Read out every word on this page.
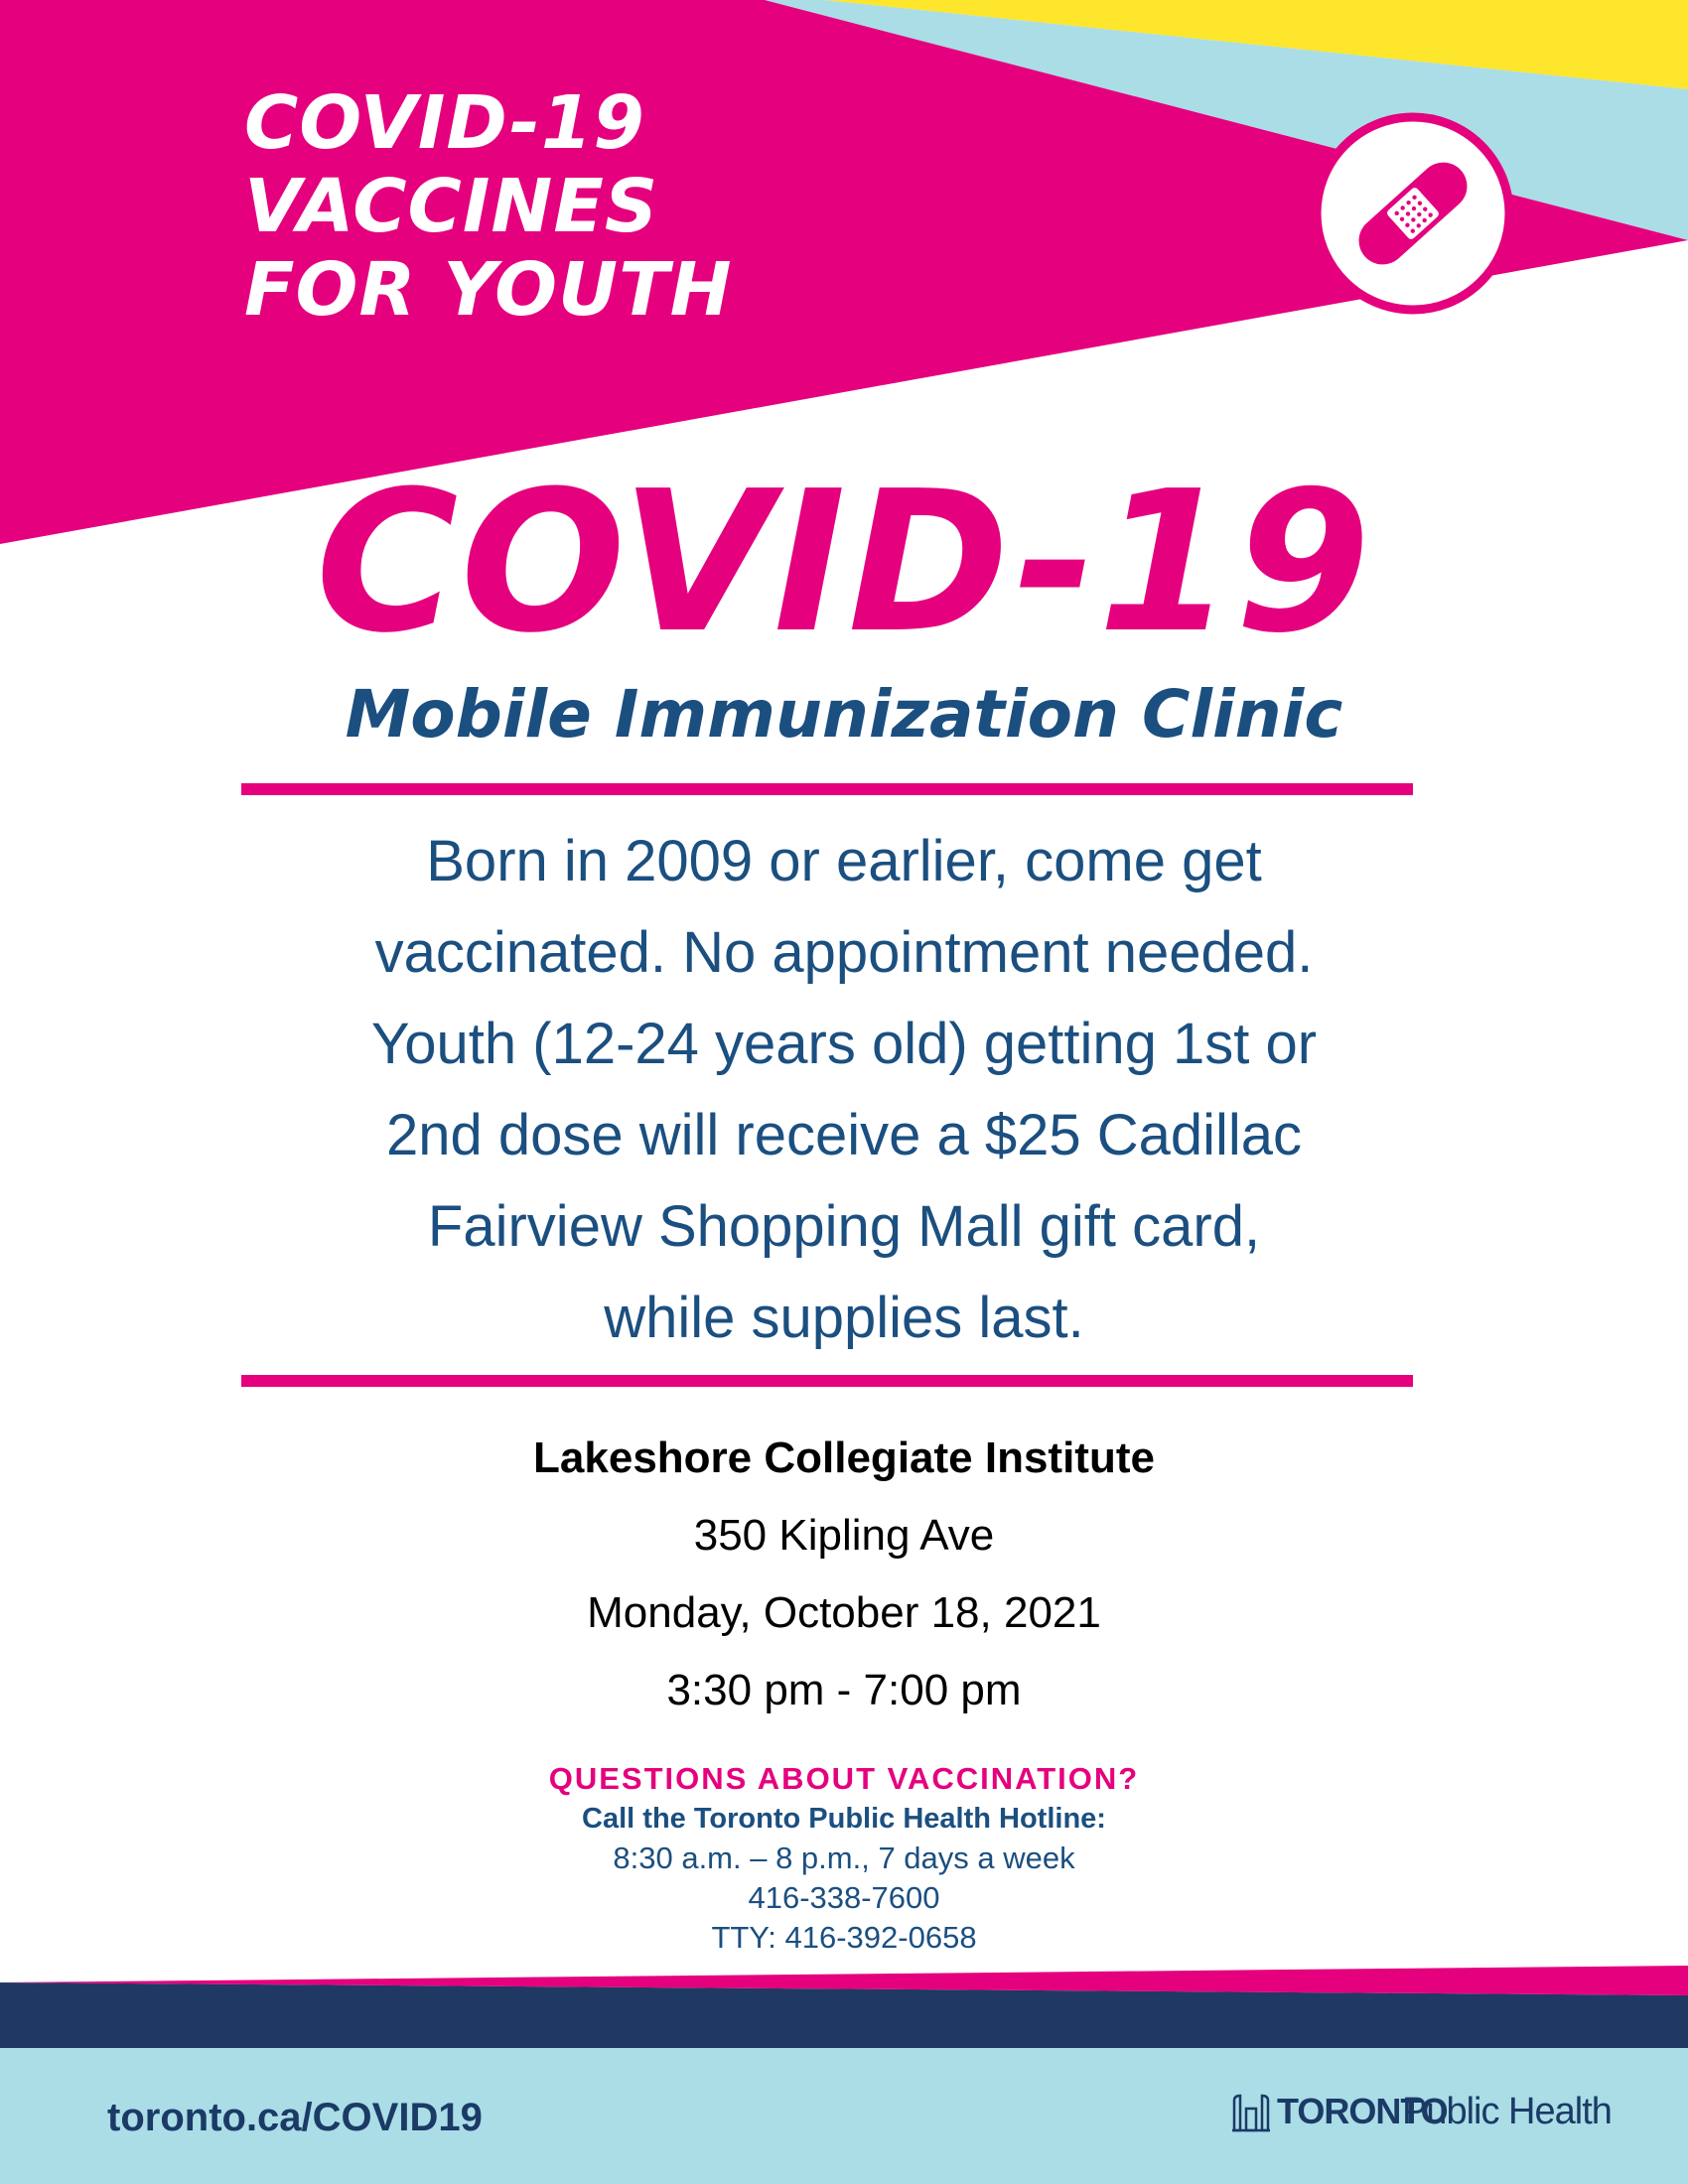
COVID-19
VACCINES
FOR YOUTH
COVID-19
Mobile Immunization Clinic
Born in 2009 or earlier, come get
vaccinated. No appointment needed.
Youth (12-24 years old) getting 1st or
2nd dose will receive a $25 Cadillac
Fairview Shopping Mall gift card,
while supplies last.
Lakeshore Collegiate Institute
350 Kipling Ave
Monday, October 18, 2021
3:30 pm - 7:00 pm
QUESTIONS ABOUT VACCINATION?
Call the Toronto Public Health Hotline:
8:30 a.m. – 8 p.m., 7 days a week
416-338-7600
TTY: 416-392-0658
toronto.ca/COVID19	TORONTO
Public Health
